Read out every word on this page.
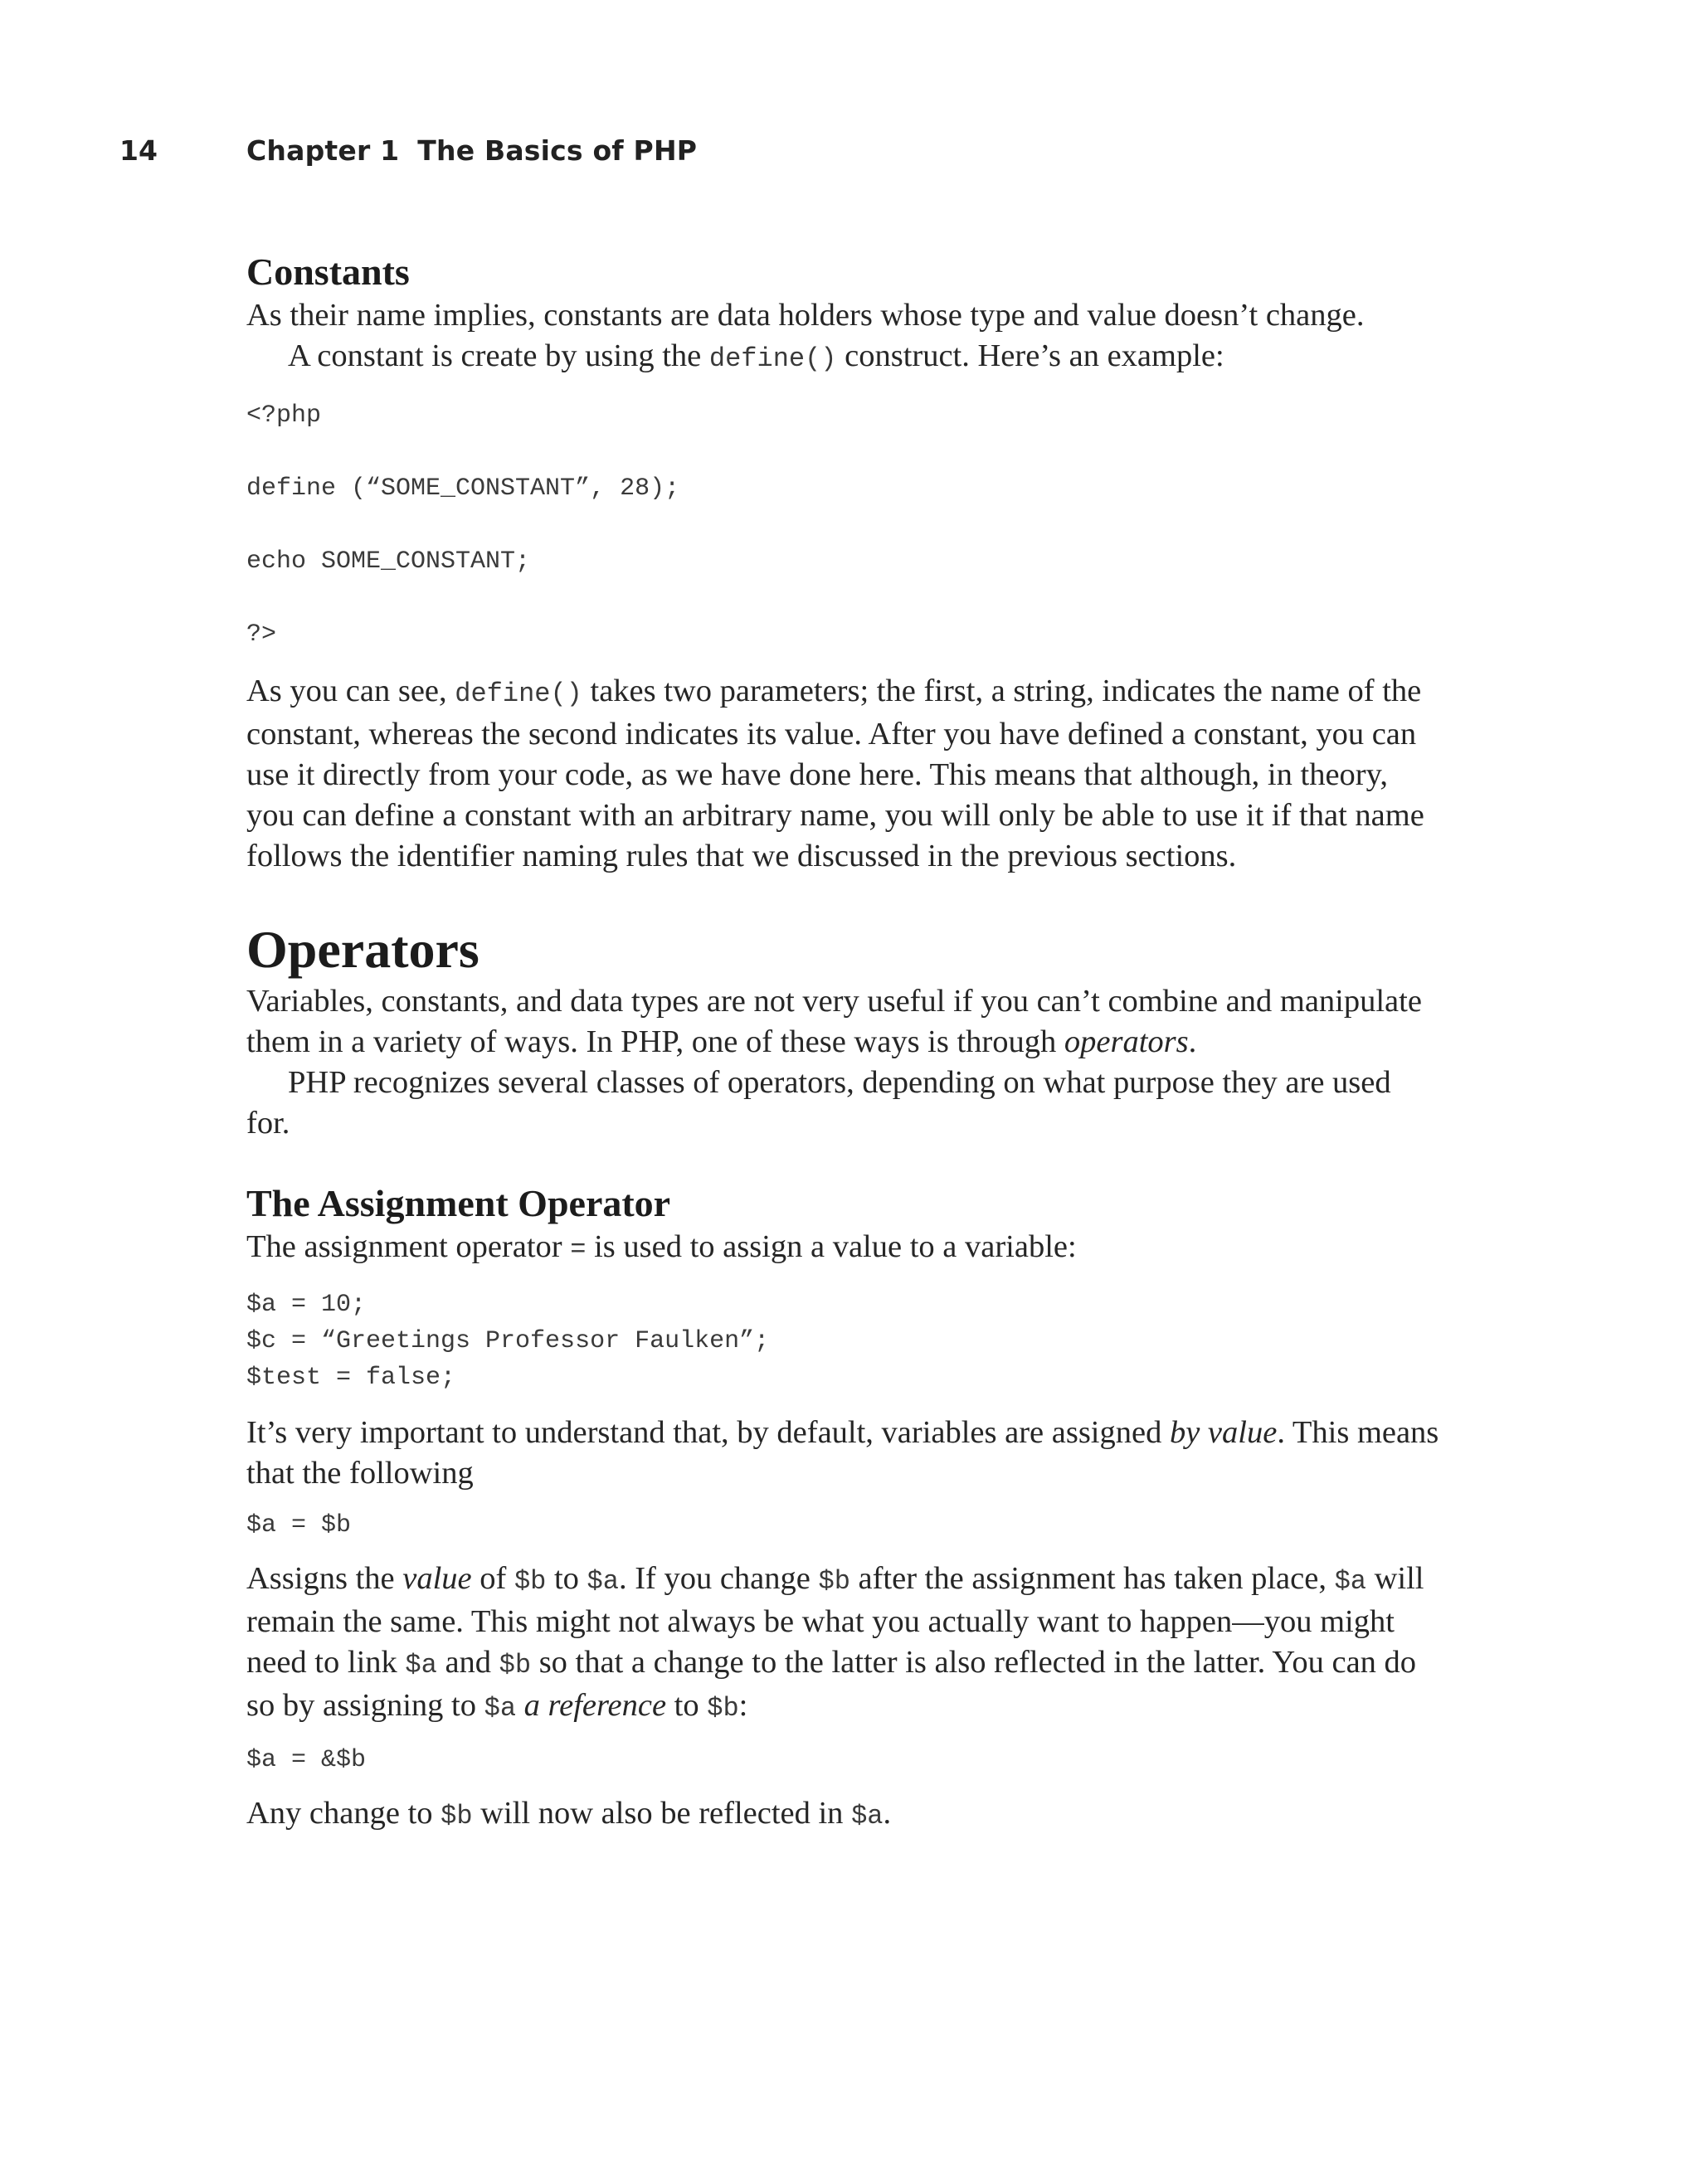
14	Chapter 1 The Basics of PHP
Constants

As their name implies, constants are data holders whose type and value doesn’t change.

A constant is create by using the define() construct. Here’s an example:

<?php
define (“SOME_CONSTANT”, 28);
echo SOME_CONSTANT;
?>

As you can see, define() takes two parameters; the first, a string, indicates the name of the constant, whereas the second indicates its value. After you have defined a constant, you can use it directly from your code, as we have done here. This means that although, in theory, you can define a constant with an arbitrary name, you will only be able to use it if that name follows the identifier naming rules that we discussed in the previous sections.

Operators

Variables, constants, and data types are not very useful if you can’t combine and manipulate them in a variety of ways. In PHP, one of these ways is through operators.

PHP recognizes several classes of operators, depending on what purpose they are used for.

The Assignment Operator

The assignment operator = is used to assign a value to a variable:

$a = 10;
$c = “Greetings Professor Faulken”;
$test = false;

It’s very important to understand that, by default, variables are assigned by value. This means that the following

$a = $b

Assigns the value of $b to $a. If you change $b after the assignment has taken place, $a will remain the same. This might not always be what you actually want to happen—you might need to link $a and $b so that a change to the latter is also reflected in the latter. You can do so by assigning to $a a reference to $b:

$a = &$b

Any change to $b will now also be reflected in $a.
